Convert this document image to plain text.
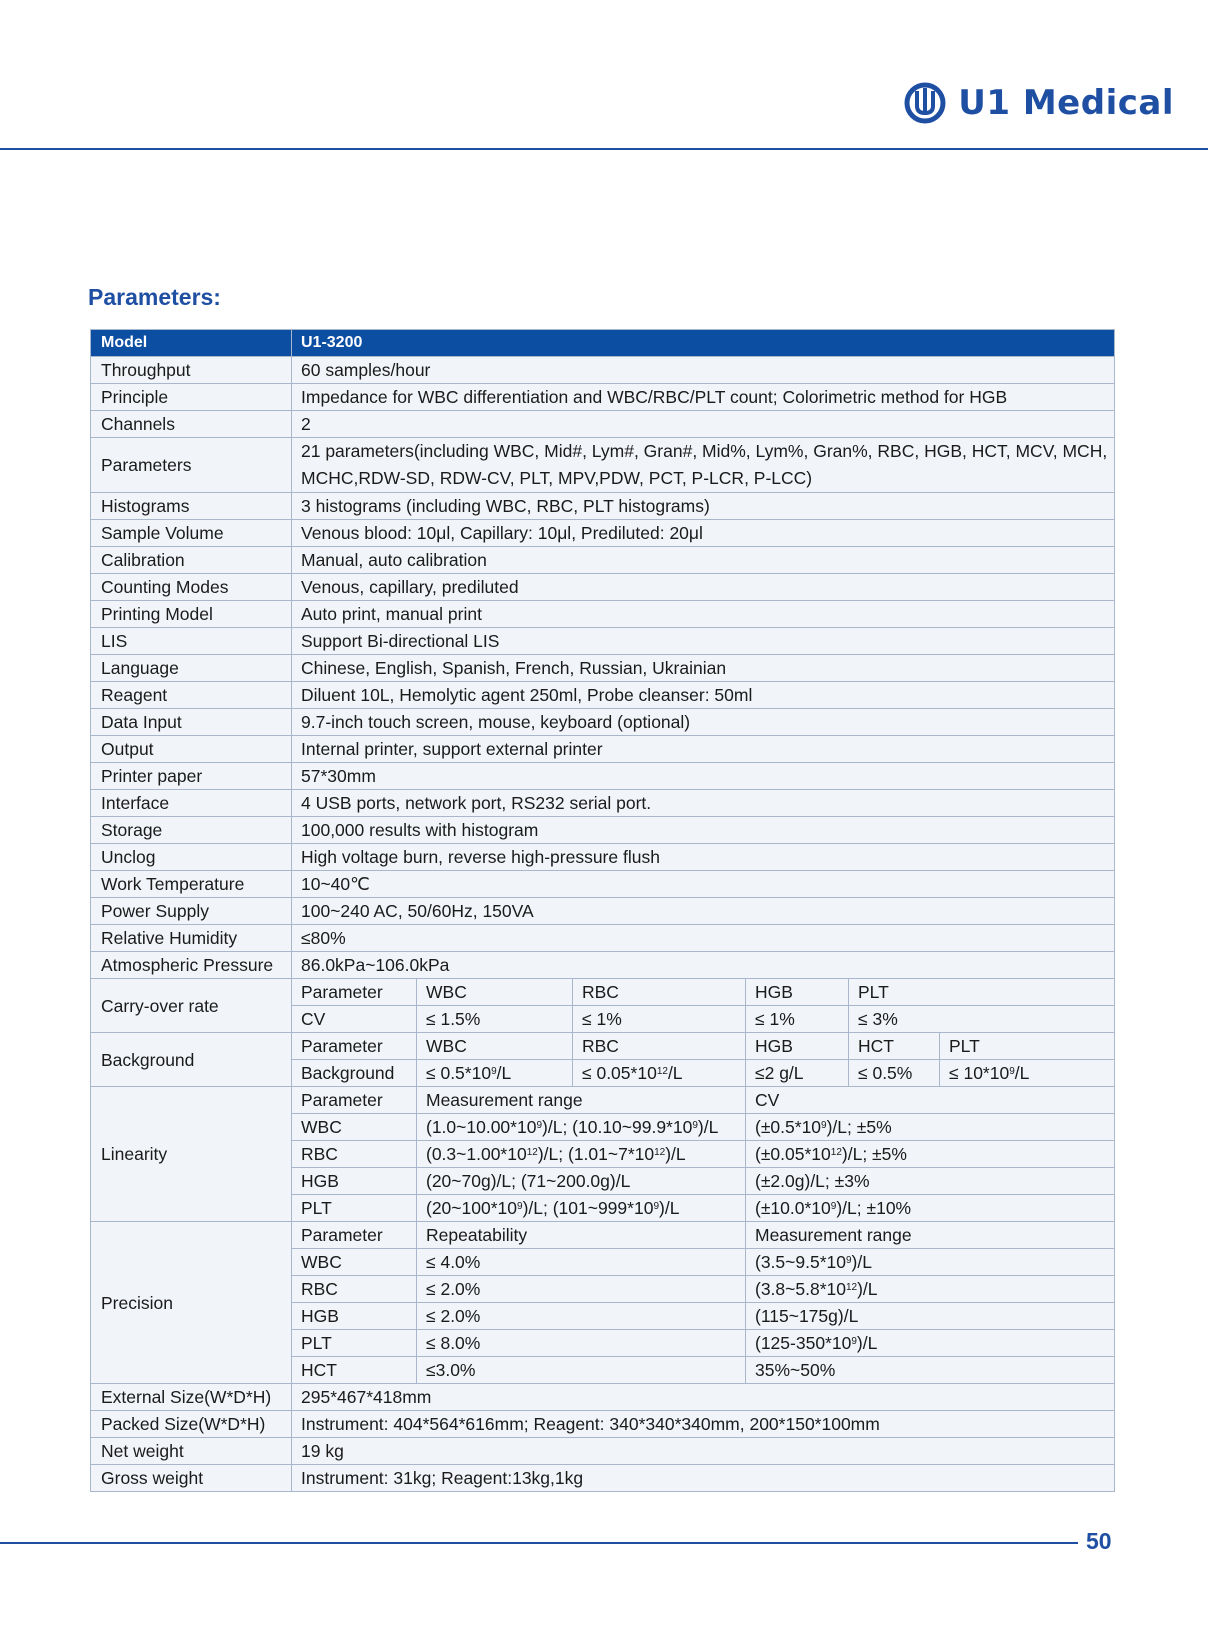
U1 Medical
Parameters:
Model	U1-3200					
Throughput	60 samples/hour					
Principle	Impedance for WBC differentiation and WBC/RBC/PLT count; Colorimetric method for HGB					
Channels	2					
Parameters	21 parameters(including WBC, Mid#, Lym#, Gran#, Mid%, Lym%, Gran%, RBC, HGB, HCT, MCV, MCH, MCHC,RDW-SD, RDW-CV, PLT, MPV,PDW, PCT, P-LCR, P-LCC)					
Histograms	3 histograms (including WBC, RBC, PLT histograms)					
Sample Volume	Venous blood: 10μl, Capillary: 10μl, Prediluted: 20μl					
Calibration	Manual, auto calibration					
Counting Modes	Venous, capillary, prediluted					
Printing Model	Auto print, manual print					
LIS	Support Bi-directional LIS					
Language	Chinese, English, Spanish, French, Russian, Ukrainian					
Reagent	Diluent 10L, Hemolytic agent 250ml, Probe cleanser: 50ml					
Data Input	9.7-inch touch screen, mouse, keyboard (optional)					
Output	Internal printer, support external printer					
Printer paper	57*30mm					
Interface	4 USB ports, network port, RS232 serial port.					
Storage	100,000 results with histogram					
Unclog	High voltage burn, reverse high-pressure flush					
Work Temperature	10~40℃					
Power Supply	100~240 AC, 50/60Hz, 150VA					
Relative Humidity	≤80%					
Atmospheric Pressure	86.0kPa~106.0kPa					
Carry-over rate	Parameter	WBC	RBC	HGB	PLT	
	CV	≤ 1.5%	≤ 1%	≤ 1%	≤ 3%	
Background	Parameter	WBC	RBC	HGB	HCT	PLT
	Background	≤ $0.5*10^9/L$	≤ $0.05*10^{12}/L$	≤2 g/L	≤ 0.5%	≤ $10*10^9/L$
Linearity	Parameter	Measurement range		CV		
	WBC	$(1.0\sim 10.00*10^9)/L$; $(10.10\sim 99.9*10^9)/L$		$(\pm 0.5*10^9)/L$; ±5%		
	RBC	$(0.3\sim 1.00*10^{12})/L$; $(1.01\sim 7*10^{12})/L$		$(\pm 0.05*10^{12})/L$; ±5%		
	HGB	(20~70g)/L; (71~200.0g)/L		(±2.0g)/L; ±3%		
	PLT	$(20\sim 100*10^9)/L$; $(101\sim 999*10^9)/L$		$(\pm 10.0*10^9)/L$; ±10%		
Precision	Parameter	Repeatability		Measurement range		
	WBC	≤ 4.0%		$(3.5\sim 9.5*10^9)/L$		
	RBC	≤ 2.0%		$(3.8\sim 5.8*10^{12})/L$		
	HGB	≤ 2.0%		(115~175g)/L		
	PLT	≤ 8.0%		$(125-350*10^9)/L$		
	HCT	≤3.0%		35%~50%		
External Size(W*D*H)	295*467*418mm					
Packed Size(W*D*H)	Instrument: 404*564*616mm; Reagent: 340*340*340mm, 200*150*100mm					
Net weight	19 kg					
Gross weight	Instrument: 31kg; Reagent:13kg,1kg					
50
